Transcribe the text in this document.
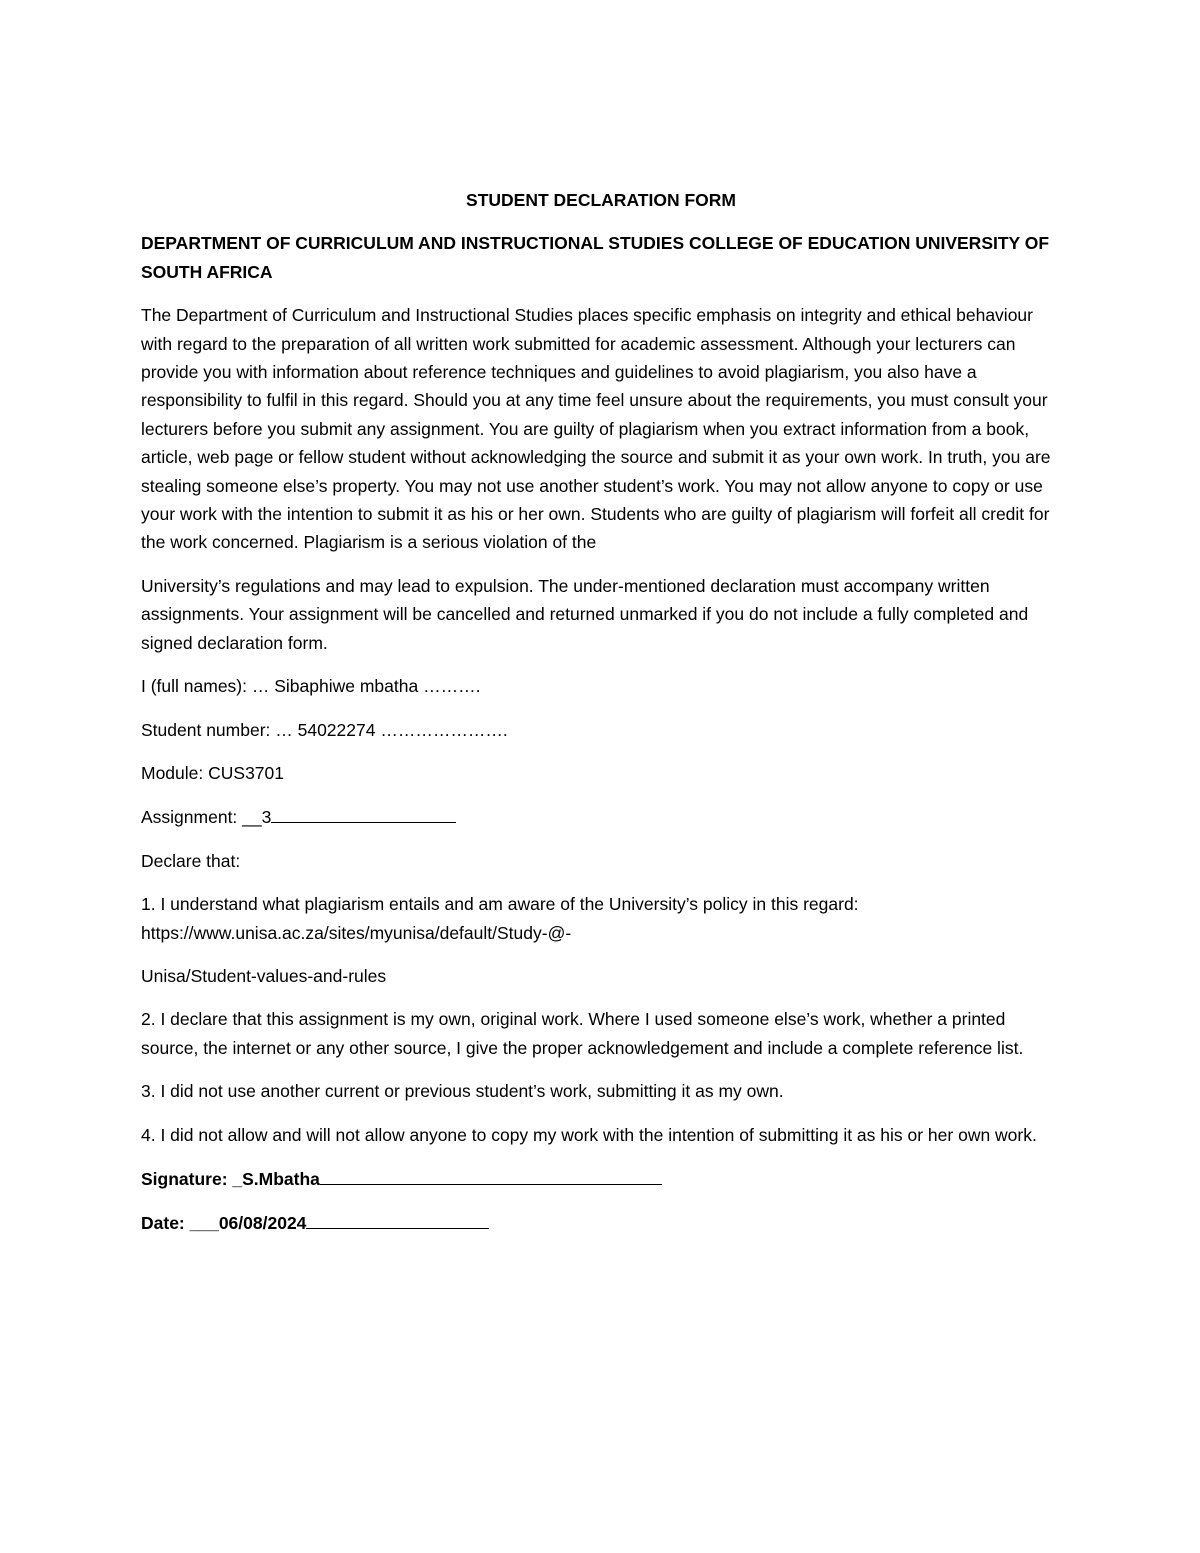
STUDENT DECLARATION FORM
DEPARTMENT OF CURRICULUM AND INSTRUCTIONAL STUDIES COLLEGE OF EDUCATION UNIVERSITY OF SOUTH AFRICA

The Department of Curriculum and Instructional Studies places specific emphasis on integrity and ethical behaviour with regard to the preparation of all written work submitted for academic assessment. Although your lecturers can provide you with information about reference techniques and guidelines to avoid plagiarism, you also have a responsibility to fulfil in this regard. Should you at any time feel unsure about the requirements, you must consult your lecturers before you submit any assignment. You are guilty of plagiarism when you extract information from a book, article, web page or fellow student without acknowledging the source and submit it as your own work. In truth, you are stealing someone else’s property. You may not use another student’s work. You may not allow anyone to copy or use your work with the intention to submit it as his or her own. Students who are guilty of plagiarism will forfeit all credit for the work concerned. Plagiarism is a serious violation of the

University’s regulations and may lead to expulsion. The under-mentioned declaration must accompany written assignments. Your assignment will be cancelled and returned unmarked if you do not include a fully completed and signed declaration form.

I (full names): … Sibaphiwe mbatha ……….

Student number: … 54022274 ………………….

Module: CUS3701

Assignment: __3

Declare that:

1. I understand what plagiarism entails and am aware of the University’s policy in this regard: https://www.unisa.ac.za/sites/myunisa/default/Study-@-

Unisa/Student-values-and-rules

2. I declare that this assignment is my own, original work. Where I used someone else’s work, whether a printed source, the internet or any other source, I give the proper acknowledgement and include a complete reference list.

3. I did not use another current or previous student’s work, submitting it as my own.

4. I did not allow and will not allow anyone to copy my work with the intention of submitting it as his or her own work.

Signature: _S.Mbatha

Date: ___06/08/2024
